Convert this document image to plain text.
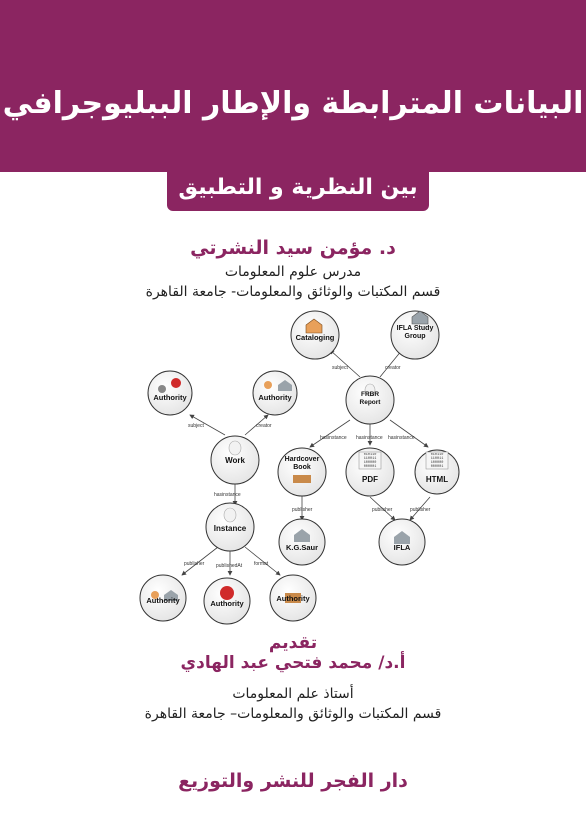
البيانات المترابطة والإطار الببليوجرافي
بين النظرية و التطبيق
د. مؤمن سيد النشرتي
مدرس علوم المعلومات
قسم المكتبات والوثائق والمعلومات- جامعة القاهرة
subject	creator
subject	creator
hasinstance hasinstance hasinstance
hasinstance
publisher	publisher	publisher
publisher publishedAt format
Cataloging
IFLA Study Group
Authority	Authority	FRBR Report
Work	Hardcover Book
010110 110011 100000 000001
PDF
010110 110011 100000 000001
HTML
Instance
K.G.Saur	IFLA
Authority	Authority
Authority
تقديم
أ.د/ محمد فتحي عبد الهادي
أستاذ علم المعلومات
قسم المكتبات والوثائق والمعلومات– جامعة القاهرة
دار الفجر للنشر والتوزيع
